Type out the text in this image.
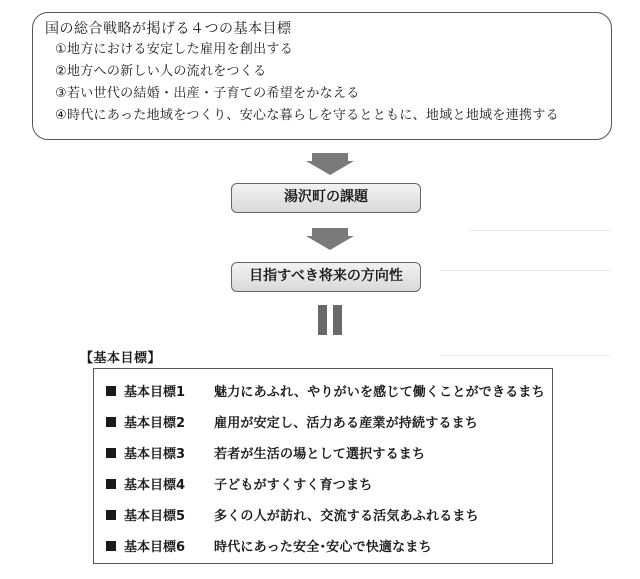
国の総合戦略が掲げる４つの基本目標
①地方における安定した雇用を創出する
②地方への新しい人の流れをつくる
③若い世代の結婚・出産・子育ての希望をかなえる
④時代にあった地域をつくり、安心な暮らしを守るとともに、地域と地域を連携する
湯沢町の課題
目指すべき将来の方向性
【基本目標】
基本目標1	魅力にあふれ、やりがいを感じて働くことができるまち
基本目標2	雇用が安定し、活力ある産業が持続するまち
基本目標3	若者が生活の場として選択するまち
基本目標4	子どもがすくすく育つまち
基本目標5	多くの人が訪れ、交流する活気あふれるまち
基本目標6	時代にあった安全･安心で快適なまち
